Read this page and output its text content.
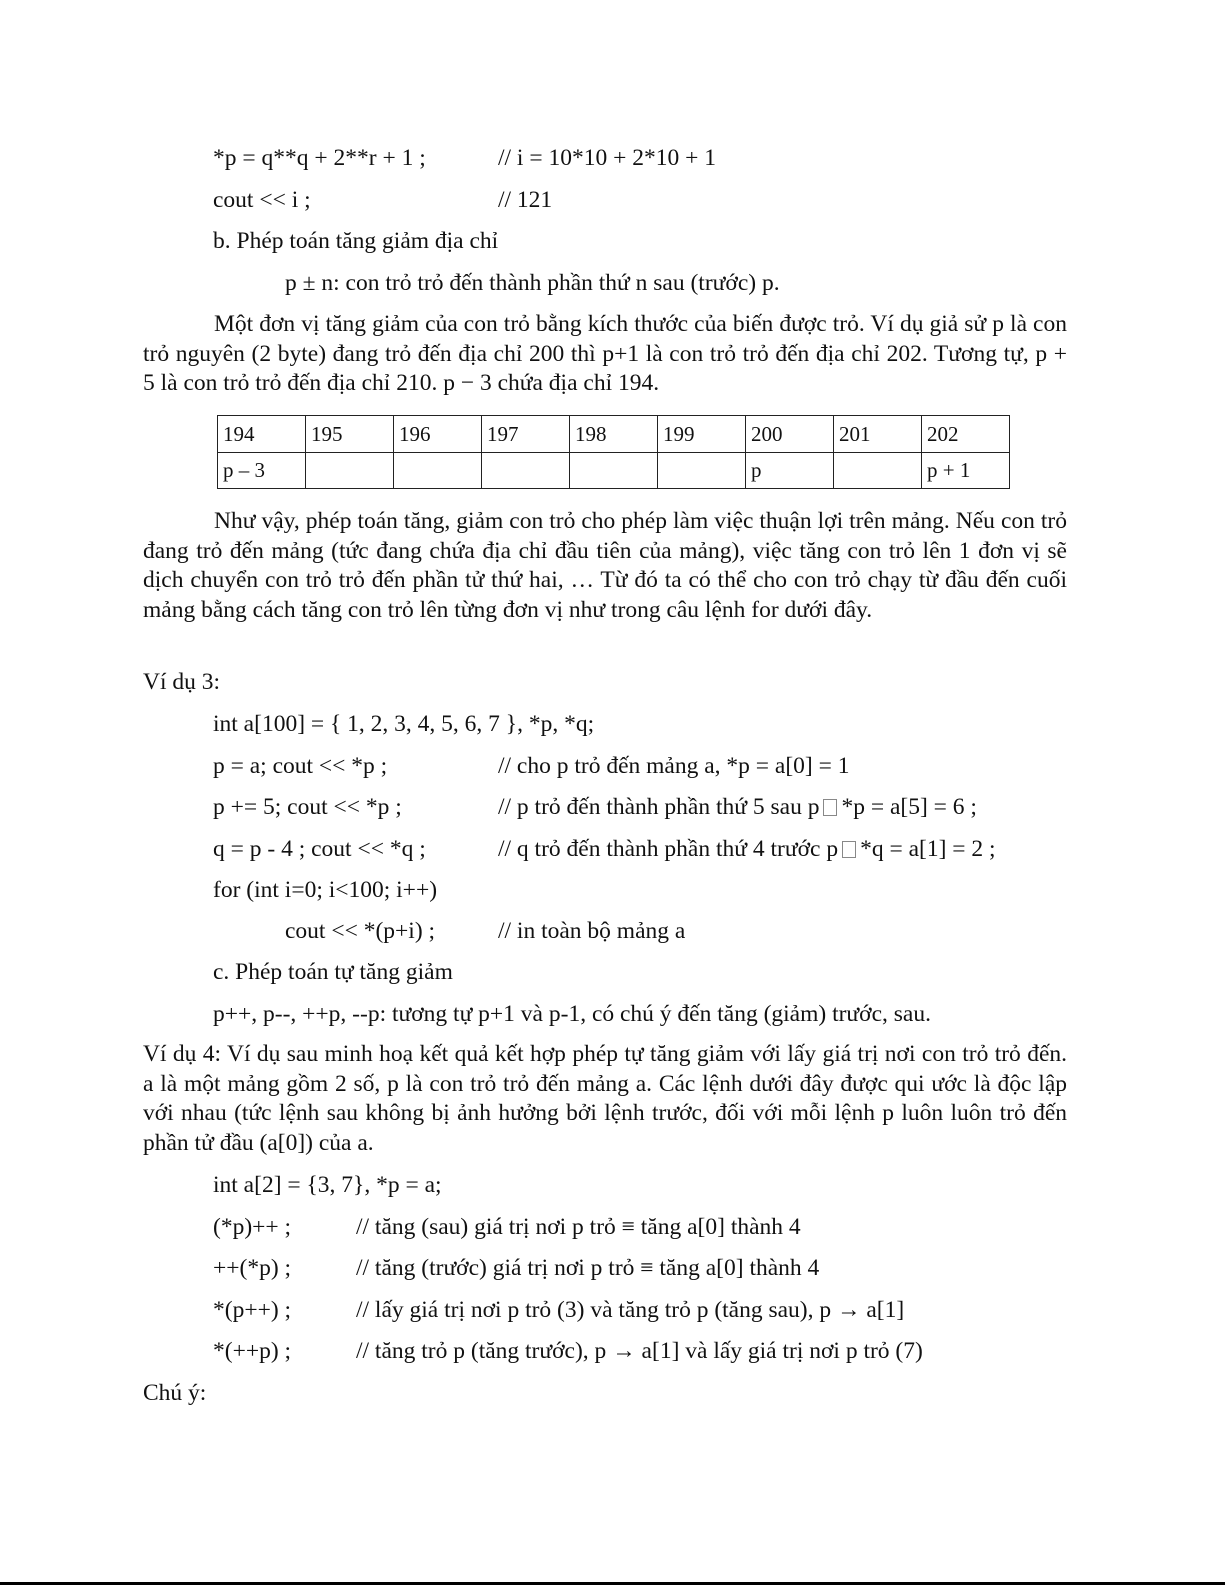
*p = q**q + 2**r + 1 ;	// i = 10*10 + 2*10 + 1
cout << i ;	// 121
b. Phép toán tăng giảm địa chỉ
p ± n: con trỏ trỏ đến thành phần thứ n sau (trước) p.
Một đơn vị tăng giảm của con trỏ bằng kích thước của biến được trỏ. Ví dụ giả sử p là con trỏ nguyên (2 byte) đang trỏ đến địa chỉ 200 thì p+1 là con trỏ trỏ đến địa chỉ 202. Tương tự, p + 5 là con trỏ trỏ đến địa chỉ 210. p − 3 chứa địa chỉ 194.
194	195	196	197	198	199	200	201	202
p – 3						p		p + 1
Như vậy, phép toán tăng, giảm con trỏ cho phép làm việc thuận lợi trên mảng. Nếu con trỏ đang trỏ đến mảng (tức đang chứa địa chỉ đầu tiên của mảng), việc tăng con trỏ lên 1 đơn vị sẽ dịch chuyển con trỏ trỏ đến phần tử thứ hai, … Từ đó ta có thể cho con trỏ chạy từ đầu đến cuối mảng bằng cách tăng con trỏ lên từng đơn vị như trong câu lệnh for dưới đây.
Ví dụ 3:
int a[100] = { 1, 2, 3, 4, 5, 6, 7 }, *p, *q;
p = a; cout << *p ;	// cho p trỏ đến mảng a, *p = a[0] = 1
p += 5; cout << *p ;	// p trỏ đến thành phần thứ 5 sau p *p = a[5] = 6 ;
q = p - 4 ; cout << *q ;	// q trỏ đến thành phần thứ 4 trước p *q = a[1] = 2 ;
for (int i=0; i<100; i++)
cout << *(p+i) ;	// in toàn bộ mảng a
c. Phép toán tự tăng giảm
p++, p--, ++p, --p: tương tự p+1 và p-1, có chú ý đến tăng (giảm) trước, sau.
Ví dụ 4: Ví dụ sau minh hoạ kết quả kết hợp phép tự tăng giảm với lấy giá trị nơi con trỏ trỏ đến. a là một mảng gồm 2 số, p là con trỏ trỏ đến mảng a. Các lệnh dưới đây được qui ước là độc lập với nhau (tức lệnh sau không bị ảnh hưởng bởi lệnh trước, đối với mỗi lệnh p luôn luôn trỏ đến phần tử đầu (a[0]) của a.
int a[2] = {3, 7}, *p = a;
(*p)++ ;	// tăng (sau) giá trị nơi p trỏ ≡ tăng a[0] thành 4
++(*p) ;	// tăng (trước) giá trị nơi p trỏ ≡ tăng a[0] thành 4
*(p++) ;	// lấy giá trị nơi p trỏ (3) và tăng trỏ p (tăng sau), p → a[1]
*(++p) ;	// tăng trỏ p (tăng trước), p → a[1] và lấy giá trị nơi p trỏ (7)
Chú ý:
